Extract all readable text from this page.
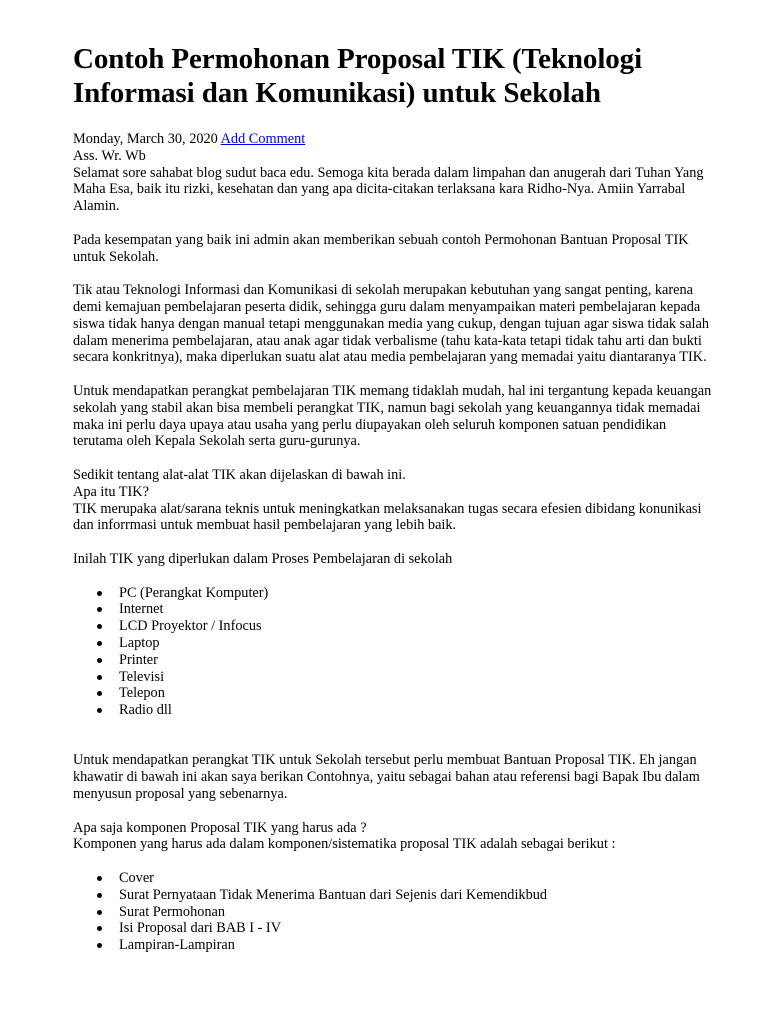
Contoh Permohonan Proposal TIK (Teknologi Informasi dan Komunikasi) untuk Sekolah
Monday, March 30, 2020 Add Comment

Ass. Wr. Wb

Selamat sore sahabat blog sudut baca edu. Semoga kita berada dalam limpahan dan anugerah dari Tuhan Yang Maha Esa, baik itu rizki, kesehatan dan yang apa dicita-citakan terlaksana kara Ridho-Nya. Amiin Yarrabal Alamin.

Pada kesempatan yang baik ini admin akan memberikan sebuah contoh Permohonan Bantuan Proposal TIK untuk Sekolah.

Tik atau Teknologi Informasi dan Komunikasi di sekolah merupakan kebutuhan yang sangat penting, karena demi kemajuan pembelajaran peserta didik, sehingga guru dalam menyampaikan materi pembelajaran kepada siswa tidak hanya dengan manual tetapi menggunakan media yang cukup, dengan tujuan agar siswa tidak salah dalam menerima pembelajaran, atau anak agar tidak verbalisme (tahu kata-kata tetapi tidak tahu arti dan bukti secara konkritnya), maka diperlukan suatu alat atau media pembelajaran yang memadai yaitu diantaranya TIK.

Untuk mendapatkan perangkat pembelajaran TIK memang tidaklah mudah, hal ini tergantung kepada keuangan sekolah yang stabil akan bisa membeli perangkat TIK, namun bagi sekolah yang keuangannya tidak memadai maka ini perlu daya upaya atau usaha yang perlu diupayakan oleh seluruh komponen satuan pendidikan terutama oleh Kepala Sekolah serta guru-gurunya.

Sedikit tentang alat-alat TIK akan dijelaskan di bawah ini.

Apa itu TIK?

TIK merupaka alat/sarana teknis untuk meningkatkan melaksanakan tugas secara efesien dibidang konunikasi dan inforrmasi untuk membuat hasil pembelajaran yang lebih baik.

Inilah TIK yang diperlukan dalam Proses Pembelajaran di sekolah

PC (Perangkat Komputer)
Internet
LCD Proyektor / Infocus
Laptop
Printer
Televisi
Telepon
Radio dll

Untuk mendapatkan perangkat TIK untuk Sekolah tersebut perlu membuat Bantuan Proposal TIK. Eh jangan khawatir di bawah ini akan saya berikan Contohnya, yaitu sebagai bahan atau referensi bagi Bapak Ibu dalam menyusun proposal yang sebenarnya.

Apa saja komponen Proposal TIK yang harus ada ?

Komponen yang harus ada dalam komponen/sistematika proposal TIK adalah sebagai berikut :

Cover
Surat Pernyataan Tidak Menerima Bantuan dari Sejenis dari Kemendikbud
Surat Permohonan
Isi Proposal dari BAB I - IV
Lampiran-Lampiran
